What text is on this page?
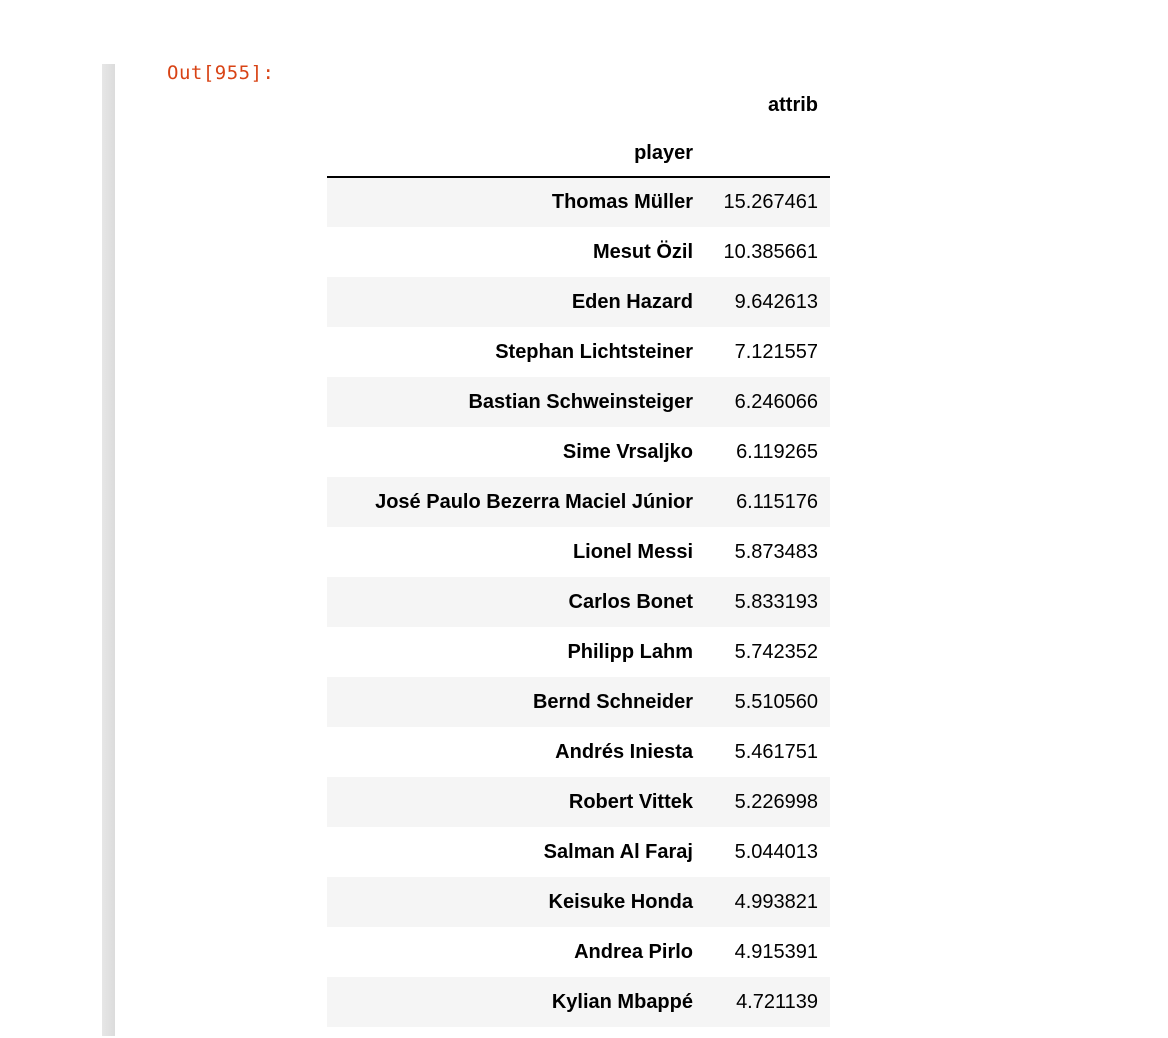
Out[955]:
	attrib
player	
Thomas Müller	15.267461
Mesut Özil	10.385661
Eden Hazard	9.642613
Stephan Lichtsteiner	7.121557
Bastian Schweinsteiger	6.246066
Sime Vrsaljko	6.119265
José Paulo Bezerra Maciel Júnior	6.115176
Lionel Messi	5.873483
Carlos Bonet	5.833193
Philipp Lahm	5.742352
Bernd Schneider	5.510560
Andrés Iniesta	5.461751
Robert Vittek	5.226998
Salman Al Faraj	5.044013
Keisuke Honda	4.993821
Andrea Pirlo	4.915391
Kylian Mbappé	4.721139
